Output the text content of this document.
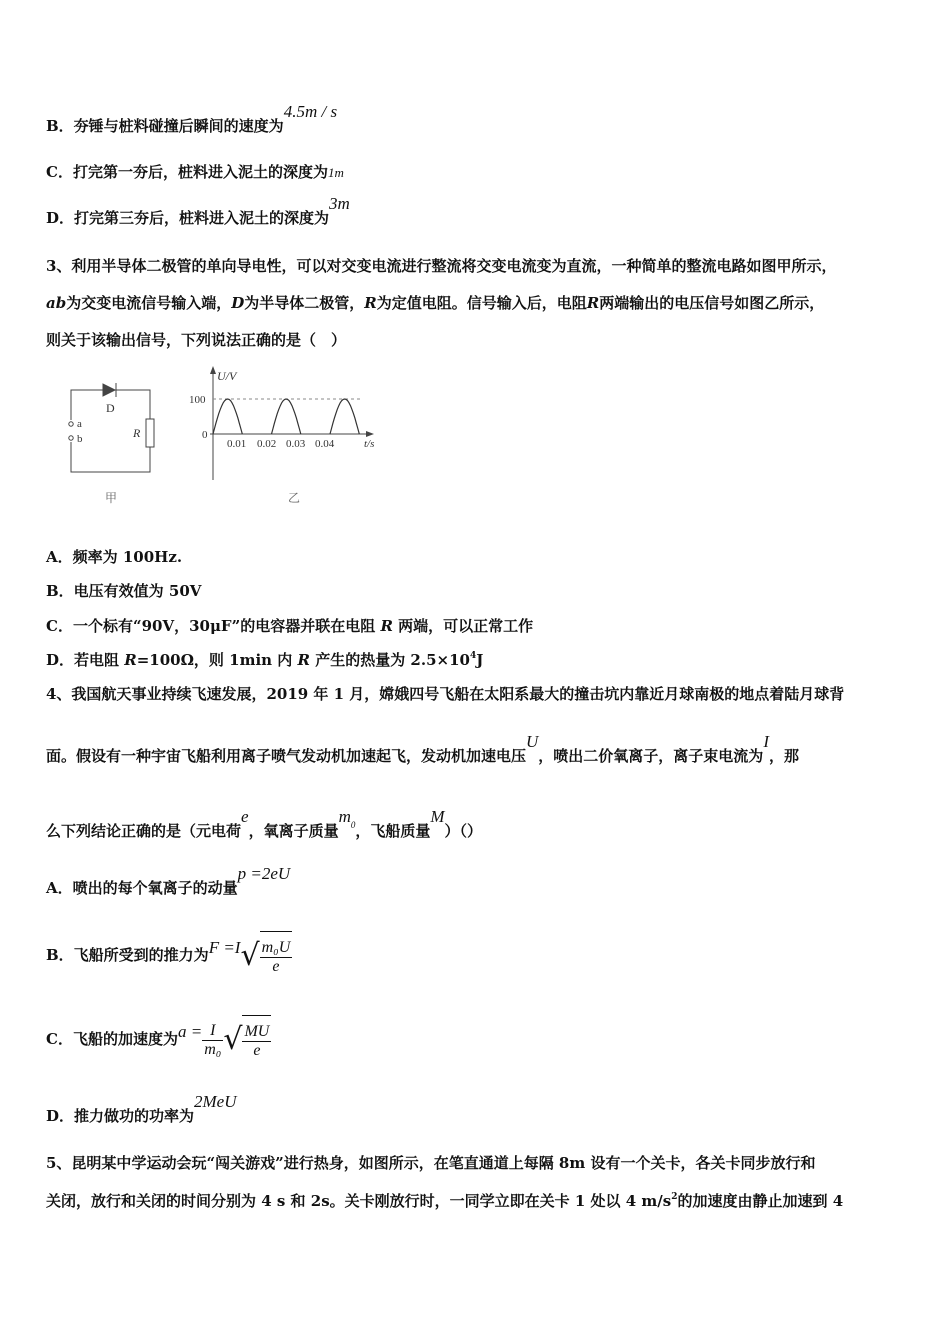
B．夯锤与桩料碰撞后瞬间的速度为4.5m / s
C．打完第一夯后，桩料进入泥土的深度为1m
D．打完第三夯后，桩料进入泥土的深度为3m
3、利用半导体二极管的单向导电性，可以对交变电流进行整流将交变电流变为直流，一种简单的整流电路如图甲所示，
ab为交变电流信号输入端，D为半导体二极管，R为定值电阻。信号输入后，电阻R两端输出的电压信号如图乙所示，
则关于该输出信号，下列说法正确的是（　）
D
a
b	R
甲
U/V
100
0
0.01 0.02 0.03 0.04	t/s
乙
A．频率为 100Hz.
B．电压有效值为 50V
C．一个标有“90V，30μF”的电容器并联在电阻 R 两端，可以正常工作
D．若电阻 R=100Ω，则 1min 内 R 产生的热量为 $2.5\times 10^4J$
4、我国航天事业持续飞速发展，2019 年 1 月，嫦娥四号飞船在太阳系最大的撞击坑内靠近月球南极的地点着陆月球背
面。假设有一种宇宙飞船利用离子喷气发动机加速起飞，发动机加速电压U，喷出二价氧离子，离子束电流为I，那
么下列结论正确的是（元电荷e，氧离子质量$m^0$，飞船质量M）（）
A．喷出的每个氧离子的动量p =2eU
B．飞船所受到的推力为F =I √ $\frac{\text{m₀U}}{e}$
C．飞船的加速度为$a = \frac{I}{\text{m₀}}$ √ $\frac{MU}{e}$
D．推力做功的功率为2MeU
5、昆明某中学运动会玩“闯关游戏”进行热身，如图所示，在笔直通道上每隔 8m 设有一个关卡，各关卡同步放行和
关闭，放行和关闭的时间分别为 4 s 和 2s。关卡刚放行时，一同学立即在关卡 1 处以 4 $m/s^2$的加速度由静止加速到 4
